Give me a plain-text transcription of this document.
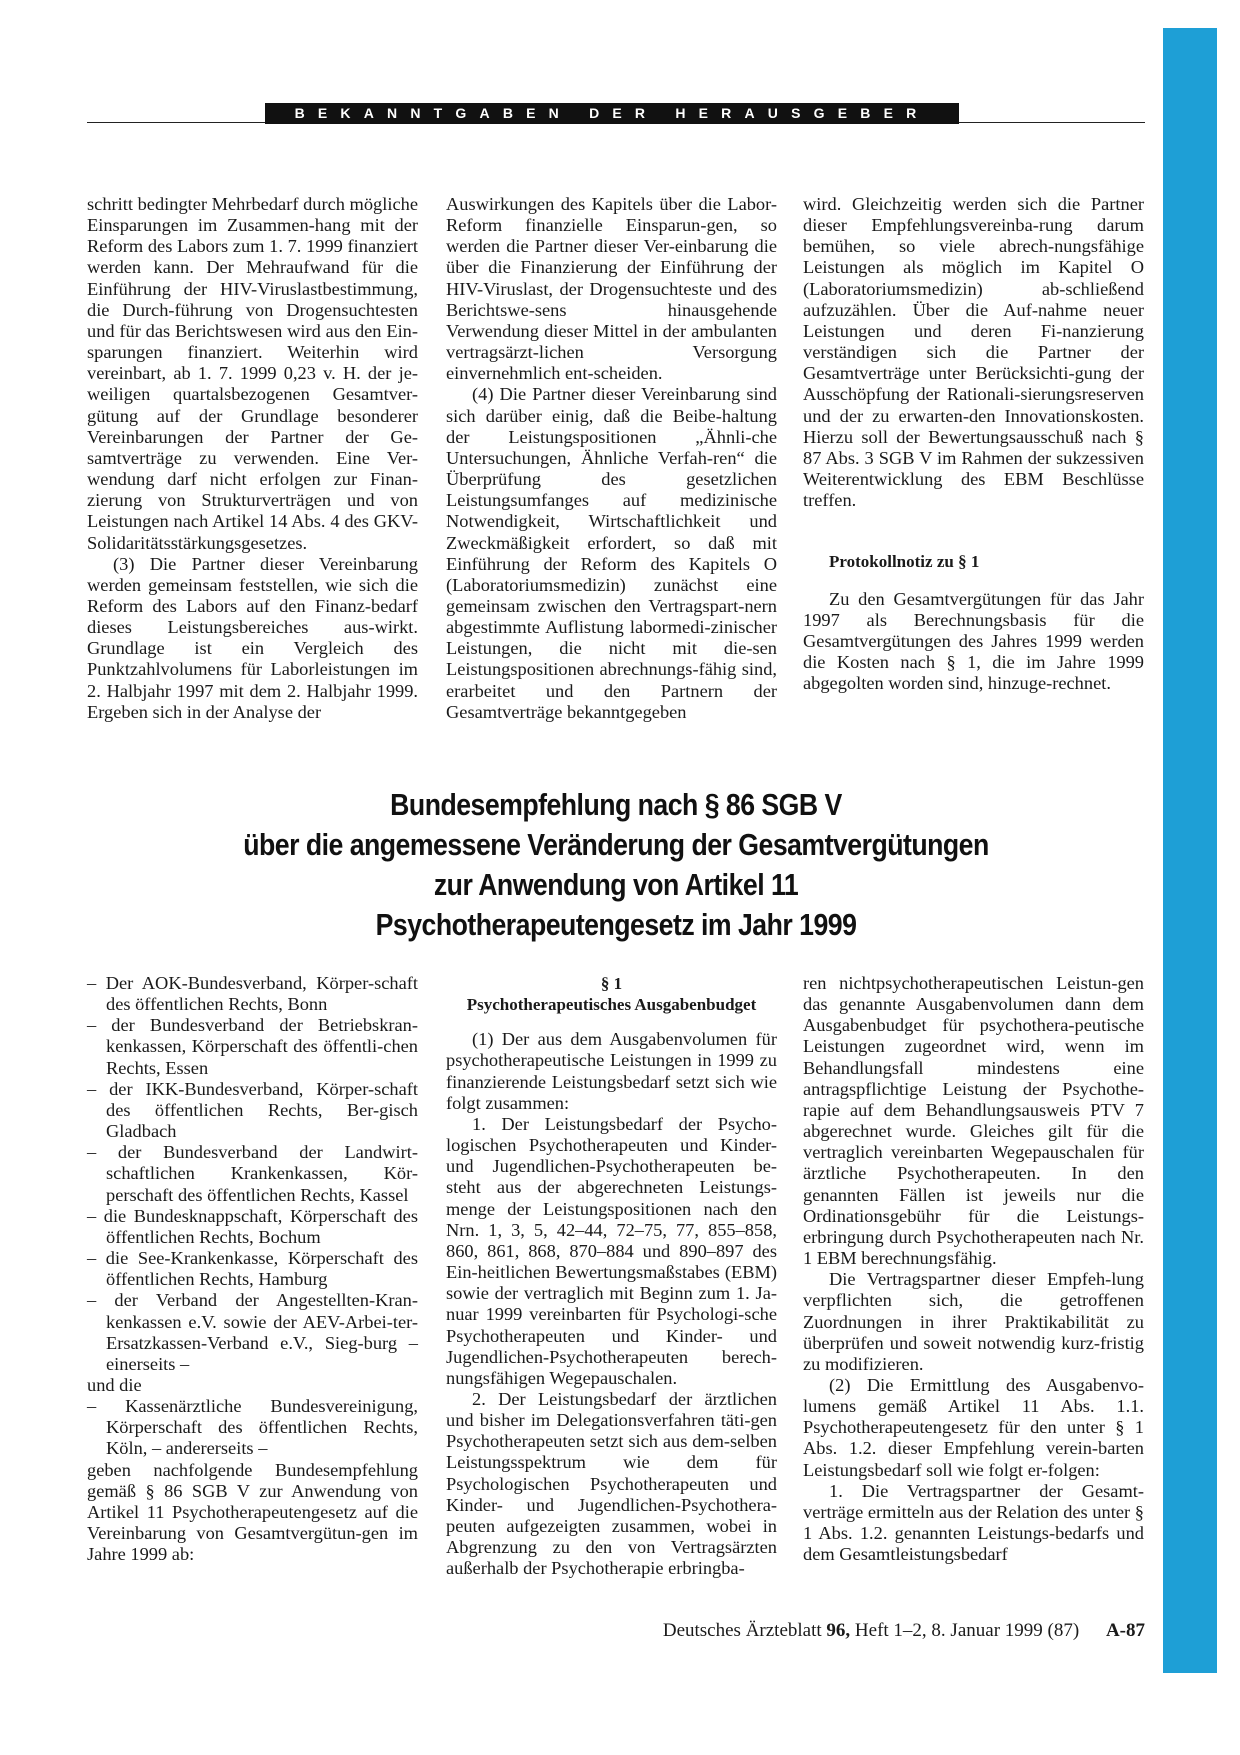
BEKANNTGABEN DER HERAUSGEBER

schritt bedingter Mehrbedarf durch mögliche Einsparungen im Zusammen-hang mit der Reform des Labors zum 1. 7. 1999 finanziert werden kann. Der Mehraufwand für die Einführung der HIV-Viruslastbestimmung, die Durch-führung von Drogensuchtesten und für das Berichtswesen wird aus den Ein-sparungen finanziert. Weiterhin wird vereinbart, ab 1. 7. 1999 0,23 v. H. der je-weiligen quartalsbezogenen Gesamtver-gütung auf der Grundlage besonderer Vereinbarungen der Partner der Ge-samtverträge zu verwenden. Eine Ver-wendung darf nicht erfolgen zur Finan-zierung von Strukturverträgen und von Leistungen nach Artikel 14 Abs. 4 des GKV-Solidaritätsstärkungsgesetzes.

(3) Die Partner dieser Vereinbarung werden gemeinsam feststellen, wie sich die Reform des Labors auf den Finanz-bedarf dieses Leistungsbereiches aus-wirkt. Grundlage ist ein Vergleich des Punktzahlvolumens für Laborleistungen im 2. Halbjahr 1997 mit dem 2. Halbjahr 1999. Ergeben sich in der Analyse der

Auswirkungen des Kapitels über die Labor-Reform finanzielle Einsparun-gen, so werden die Partner dieser Ver-einbarung die über die Finanzierung der Einführung der HIV-Viruslast, der Drogensuchteste und des Berichtswe-sens hinausgehende Verwendung dieser Mittel in der ambulanten vertragsärzt-lichen Versorgung einvernehmlich ent-scheiden.

(4) Die Partner dieser Vereinbarung sind sich darüber einig, daß die Beibe-haltung der Leistungspositionen „Ähnli-che Untersuchungen, Ähnliche Verfah-ren“ die Überprüfung des gesetzlichen Leistungsumfanges auf medizinische Notwendigkeit, Wirtschaftlichkeit und Zweckmäßigkeit erfordert, so daß mit Einführung der Reform des Kapitels O (Laboratoriumsmedizin) zunächst eine gemeinsam zwischen den Vertragspart-nern abgestimmte Auflistung labormedi-zinischer Leistungen, die nicht mit die-sen Leistungspositionen abrechnungs-fähig sind, erarbeitet und den Partnern der Gesamtverträge bekanntgegeben

wird. Gleichzeitig werden sich die Partner dieser Empfehlungsvereinba-rung darum bemühen, so viele abrech-nungsfähige Leistungen als möglich im Kapitel O (Laboratoriumsmedizin) ab-schließend aufzuzählen. Über die Auf-nahme neuer Leistungen und deren Fi-nanzierung verständigen sich die Partner der Gesamtverträge unter Berücksichti-gung der Ausschöpfung der Rationali-sierungsreserven und der zu erwarten-den Innovationskosten. Hierzu soll der Bewertungsausschuß nach § 87 Abs. 3 SGB V im Rahmen der sukzessiven Weiterentwicklung des EBM Beschlüsse treffen.

Protokollnotiz zu § 1

Zu den Gesamtvergütungen für das Jahr 1997 als Berechnungsbasis für die Gesamtvergütungen des Jahres 1999 werden die Kosten nach § 1, die im Jahre 1999 abgegolten worden sind, hinzuge-rechnet.

Bundesempfehlung nach § 86 SGB V
über die angemessene Veränderung der Gesamtvergütungen
zur Anwendung von Artikel 11
Psychotherapeutengesetz im Jahr 1999

– Der AOK-Bundesverband, Körper-schaft des öffentlichen Rechts, Bonn

– der Bundesverband der Betriebskran-kenkassen, Körperschaft des öffentli-chen Rechts, Essen

– der IKK-Bundesverband, Körper-schaft des öffentlichen Rechts, Ber-gisch Gladbach

– der Bundesverband der Landwirt-schaftlichen Krankenkassen, Kör-perschaft des öffentlichen Rechts, Kassel

– die Bundesknappschaft, Körperschaft des öffentlichen Rechts, Bochum

– die See-Krankenkasse, Körperschaft des öffentlichen Rechts, Hamburg

– der Verband der Angestellten-Kran-kenkassen e.V. sowie der AEV-Arbei-ter-Ersatzkassen-Verband e.V., Sieg-burg – einerseits –

und die

– Kassenärztliche Bundesvereinigung, Körperschaft des öffentlichen Rechts, Köln, – andererseits –

geben nachfolgende Bundesempfehlung gemäß § 86 SGB V zur Anwendung von Artikel 11 Psychotherapeutengesetz auf die Vereinbarung von Gesamtvergütun-gen im Jahre 1999 ab:

§ 1

Psychotherapeutisches Ausgabenbudget

(1) Der aus dem Ausgabenvolumen für psychotherapeutische Leistungen in 1999 zu finanzierende Leistungsbedarf setzt sich wie folgt zusammen:

1. Der Leistungsbedarf der Psycho-logischen Psychotherapeuten und Kinder-und Jugendlichen-Psychotherapeuten be-steht aus der abgerechneten Leistungs-menge der Leistungspositionen nach den Nrn. 1, 3, 5, 42–44, 72–75, 77, 855–858, 860, 861, 868, 870–884 und 890–897 des Ein-heitlichen Bewertungsmaßstabes (EBM) sowie der vertraglich mit Beginn zum 1. Ja-nuar 1999 vereinbarten für Psychologi-sche Psychotherapeuten und Kinder- und Jugendlichen-Psychotherapeuten berech-nungsfähigen Wegepauschalen.

2. Der Leistungsbedarf der ärztlichen und bisher im Delegationsverfahren täti-gen Psychotherapeuten setzt sich aus dem-selben Leistungsspektrum wie dem für Psychologischen Psychotherapeuten und Kinder- und Jugendlichen-Psychothera-peuten aufgezeigten zusammen, wobei in Abgrenzung zu den von Vertragsärzten außerhalb der Psychotherapie erbringba-

ren nichtpsychotherapeutischen Leistun-gen das genannte Ausgabenvolumen dann dem Ausgabenbudget für psychothera-peutische Leistungen zugeordnet wird, wenn im Behandlungsfall mindestens eine antragspflichtige Leistung der Psychothe-rapie auf dem Behandlungsausweis PTV 7 abgerechnet wurde. Gleiches gilt für die vertraglich vereinbarten Wegepauschalen für ärztliche Psychotherapeuten. In den genannten Fällen ist jeweils nur die Ordinationsgebühr für die Leistungs-erbringung durch Psychotherapeuten nach Nr. 1 EBM berechnungsfähig.

Die Vertragspartner dieser Empfeh-lung verpflichten sich, die getroffenen Zuordnungen in ihrer Praktikabilität zu überprüfen und soweit notwendig kurz-fristig zu modifizieren.

(2) Die Ermittlung des Ausgabenvo-lumens gemäß Artikel 11 Abs. 1.1. Psychotherapeutengesetz für den unter § 1 Abs. 1.2. dieser Empfehlung verein-barten Leistungsbedarf soll wie folgt er-folgen:

1. Die Vertragspartner der Gesamt-verträge ermitteln aus der Relation des unter § 1 Abs. 1.2. genannten Leistungs-bedarfs und dem Gesamtleistungsbedarf

Deutsches Ärzteblatt 96, Heft 1–2, 8. Januar 1999 (87) A-87
